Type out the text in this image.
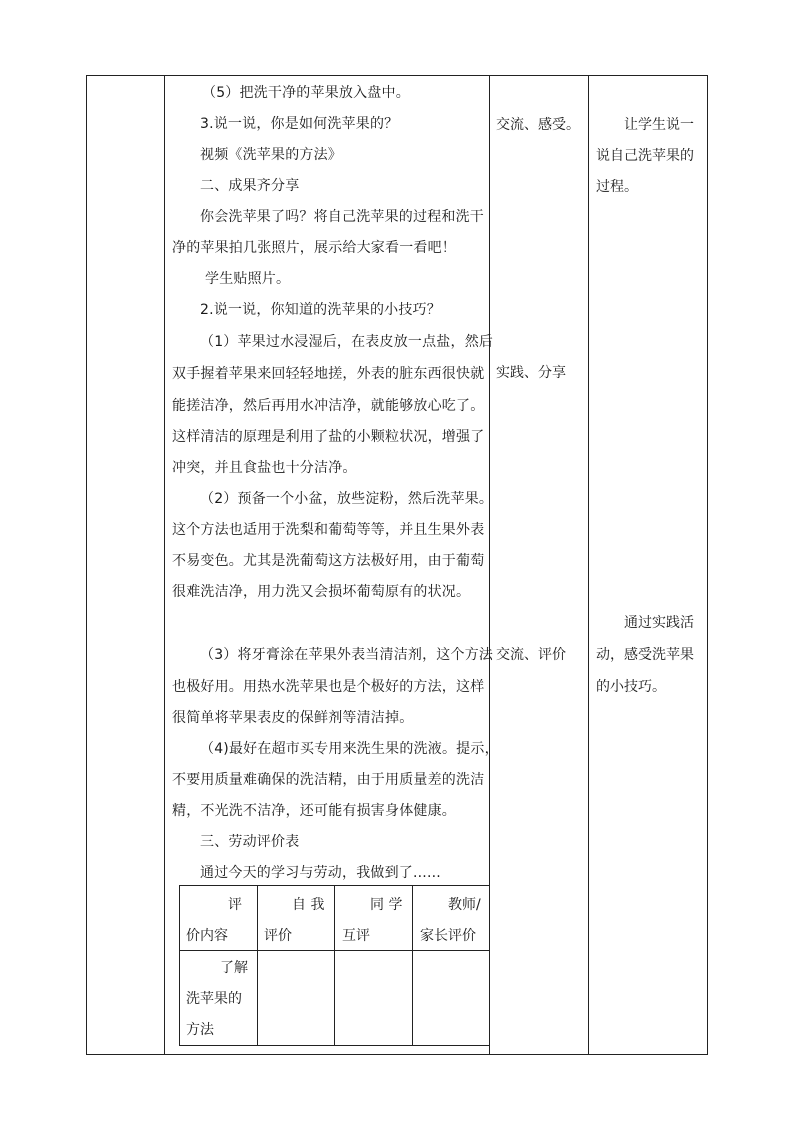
（5）把洗干净的苹果放入盘中。
3.说一说，你是如何洗苹果的？
视频《洗苹果的方法》
二、成果齐分享
你会洗苹果了吗？将自己洗苹果的过程和洗干
净的苹果拍几张照片，展示给大家看一看吧！
学生贴照片。
2.说一说，你知道的洗苹果的小技巧？
（1）苹果过水浸湿后，在表皮放一点盐，然后
双手握着苹果来回轻轻地搓，外表的脏东西很快就
能搓洁净，然后再用水冲洁净，就能够放心吃了。
这样清洁的原理是利用了盐的小颗粒状况，增强了
冲突，并且食盐也十分洁净。
（2）预备一个小盆，放些淀粉，然后洗苹果。
这个方法也适用于洗梨和葡萄等等，并且生果外表
不易变色。尤其是洗葡萄这方法极好用，由于葡萄
很难洗洁净，用力洗又会损坏葡萄原有的状况。
（3）将牙膏涂在苹果外表当清洁剂，这个方法
也极好用。用热水洗苹果也是个极好的方法，这样
很简单将苹果表皮的保鲜剂等清洁掉。
（4)最好在超市买专用来洗生果的洗液。提示，
不要用质量难确保的洗洁精，由于用质量差的洗洁
精，不光洗不洁净，还可能有损害身体健康。
三、劳动评价表
通过今天的学习与劳动，我做到了......
交流、感受。
实践、分享
交流、评价
让学生说一
说自己洗苹果的
过程。
通过实践活
动，感受洗苹果
的小技巧。
评
价内容
自 我
评价
同 学
互评
教师/
家长评价
了解
洗苹果的
方法
